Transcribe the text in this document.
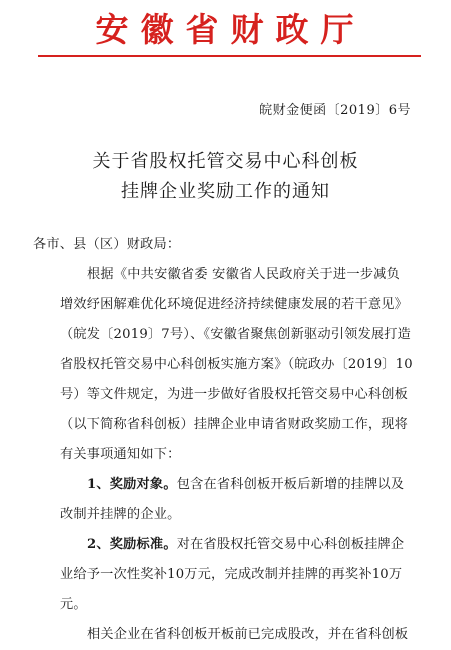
安徽省财政厅
皖财金便函〔2019〕6号
关于省股权托管交易中心科创板
挂牌企业奖励工作的通知
各市、县（区）财政局：
根据《中共安徽省委 安徽省人民政府关于进一步减负
增效纾困解难优化环境促进经济持续健康发展的若干意见》
（皖发〔2019〕7号）、《安徽省聚焦创新驱动引领发展打造
省股权托管交易中心科创板实施方案》（皖政办〔2019〕10
号）等文件规定，为进一步做好省股权托管交易中心科创板
（以下简称省科创板）挂牌企业申请省财政奖励工作，现将
有关事项通知如下：
1、奖励对象。包含在省科创板开板后新增的挂牌以及
改制并挂牌的企业。
2、奖励标准。对在省股权托管交易中心科创板挂牌企
业给予一次性奖补10万元，完成改制并挂牌的再奖补10万
元。
相关企业在省科创板开板前已完成股改，并在省科创板
